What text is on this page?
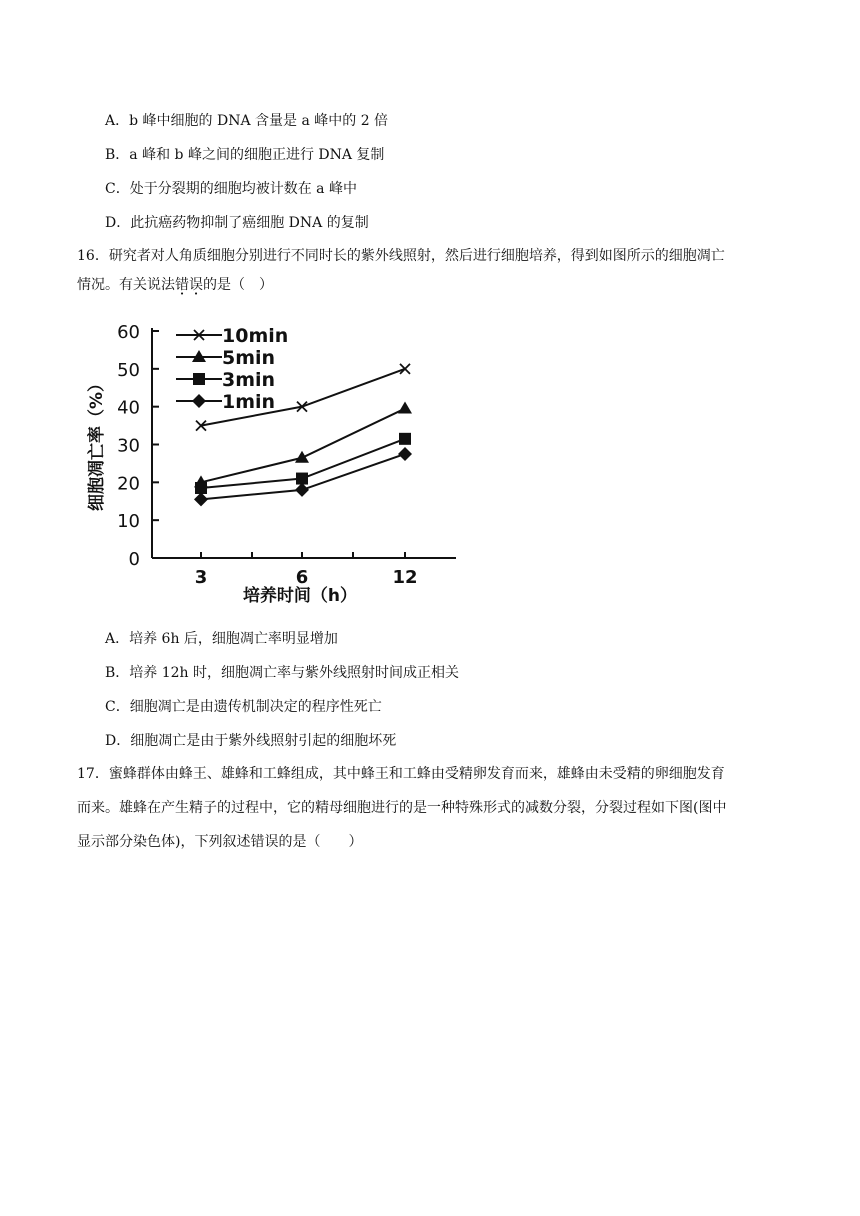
A．b 峰中细胞的 DNA 含量是 a 峰中的 2 倍
B．a 峰和 b 峰之间的细胞正进行 DNA 复制
C．处于分裂期的细胞均被计数在 a 峰中
D．此抗癌药物抑制了癌细胞 DNA 的复制
16．研究者对人角质细胞分别进行不同时长的紫外线照射，然后进行细胞培养，得到如图所示的细胞凋亡
情况。有关说法错误的是（　）
0
10
20
30
40
50
60
3	6	12
细胞凋亡率（%）
培养时间（h）
10min
5min
3min
1min
A．培养 6h 后，细胞凋亡率明显增加
B．培养 12h 时，细胞凋亡率与紫外线照射时间成正相关
C．细胞凋亡是由遗传机制决定的程序性死亡
D．细胞凋亡是由于紫外线照射引起的细胞坏死
17．蜜蜂群体由蜂王、雄蜂和工蜂组成，其中蜂王和工蜂由受精卵发育而来，雄蜂由未受精的卵细胞发育
而来。雄蜂在产生精子的过程中，它的精母细胞进行的是一种特殊形式的减数分裂，分裂过程如下图(图中
显示部分染色体)，下列叙述错误的是（　　）
